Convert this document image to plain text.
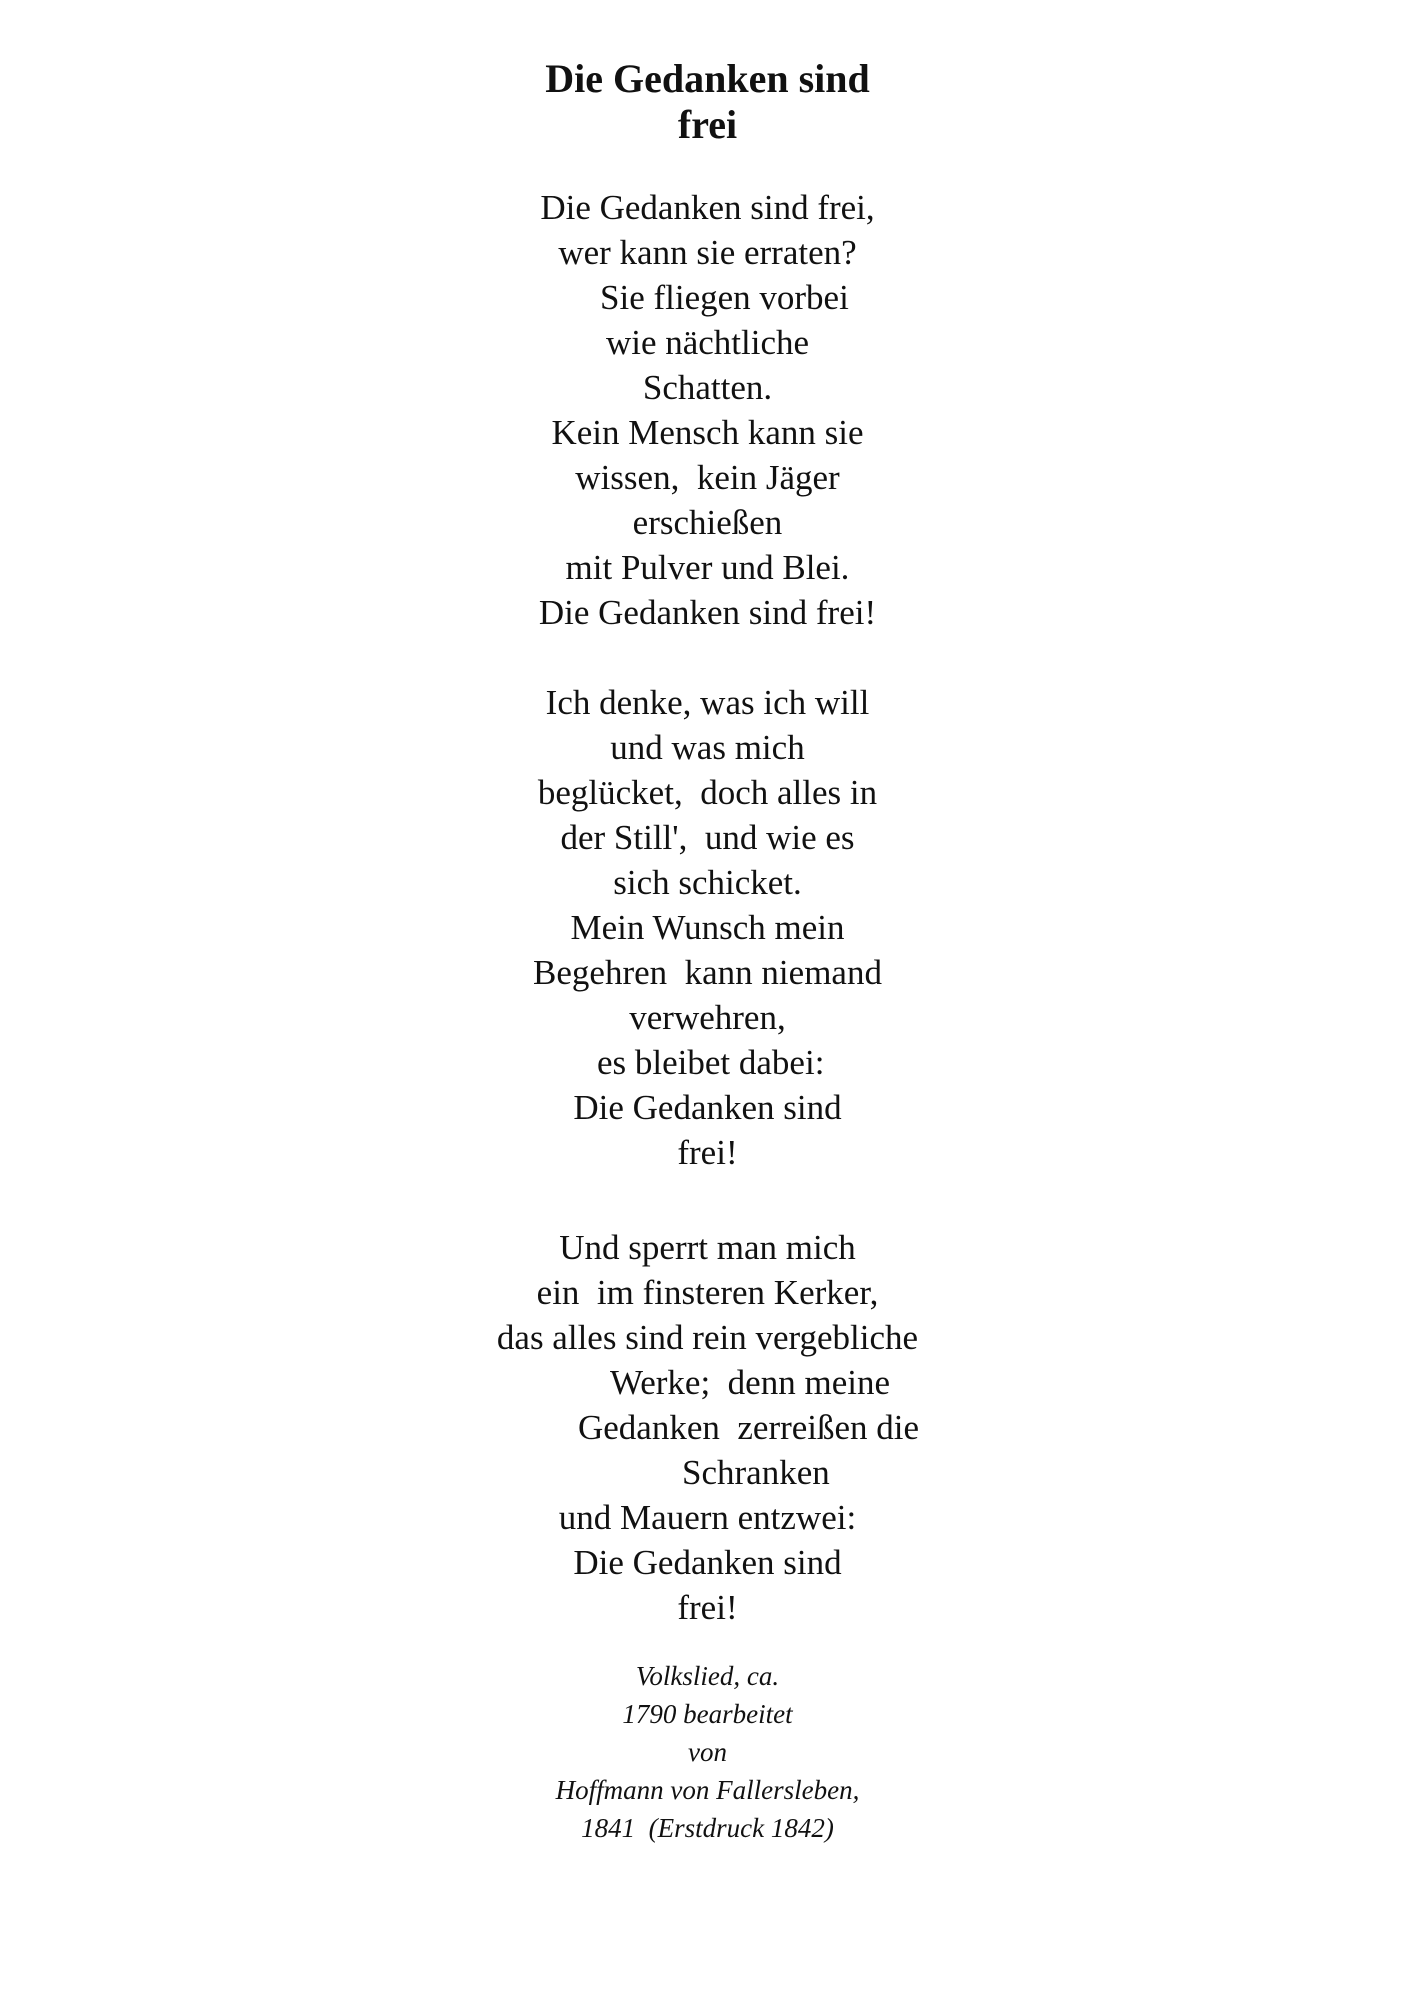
Die Gedanken sind
frei
Die Gedanken sind frei,
wer kann sie erraten?
Sie fliegen vorbei
wie nächtliche
Schatten.
Kein Mensch kann sie
wissen,  kein Jäger
erschießen
mit Pulver und Blei.
Die Gedanken sind frei!
Ich denke, was ich will
und was mich
beglücket,  doch alles in
der Still',  und wie es
sich schicket.
Mein Wunsch mein
Begehren  kann niemand
verwehren,
es bleibet dabei:
Die Gedanken sind
frei!
Und sperrt man mich
ein  im finsteren Kerker,
das alles sind rein vergebliche
Werke;  denn meine
Gedanken  zerreißen die
Schranken
und Mauern entzwei:
Die Gedanken sind
frei!
Volkslied, ca.
1790 bearbeitet
von
Hoffmann von Fallersleben,
1841  (Erstdruck 1842)
